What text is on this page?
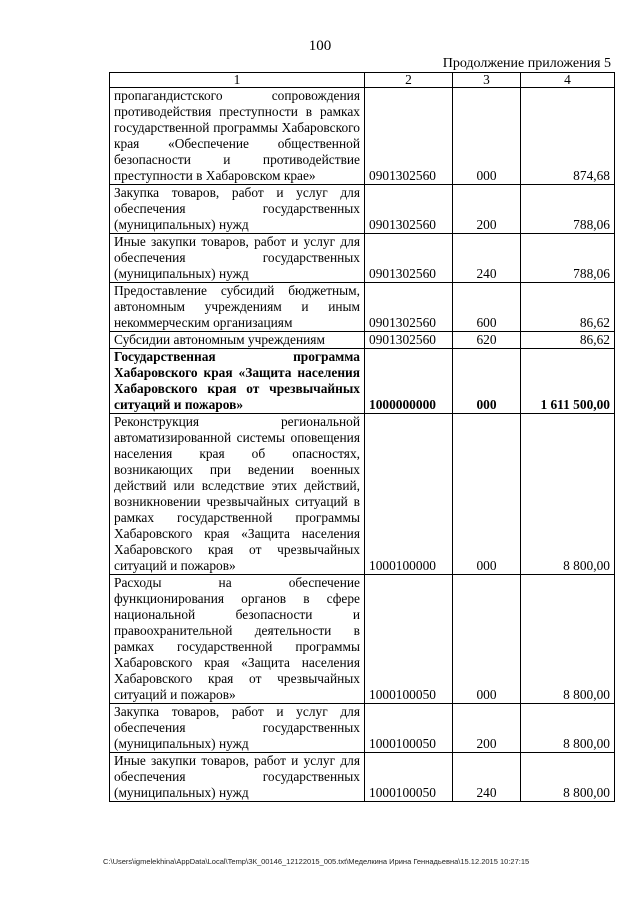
100
Продолжение приложения 5
1	2	3	4
пропагандистского сопровождения противодействия преступности в рамках государственной программы Хабаровского края «Обеспечение общественной безопасности и противодействие преступности в Хабаровском крае»	0901302560	000	874,68
Закупка товаров, работ и услуг для обеспечения государственных (муниципальных) нужд	0901302560	200	788,06
Иные закупки товаров, работ и услуг для обеспечения государственных (муниципальных) нужд	0901302560	240	788,06
Предоставление субсидий бюджетным, автономным учреждениям и иным некоммерческим организациям	0901302560	600	86,62
Субсидии автономным учреждениям	0901302560	620	86,62
Государственная программа Хабаровского края «Защита населения Хабаровского края от чрезвычайных ситуаций и пожаров»	1000000000	000	1 611 500,00
Реконструкция региональной автоматизированной системы оповещения населения края об опасностях, возникающих при ведении военных действий или вследствие этих действий, возникновении чрезвычайных ситуаций в рамках государственной программы Хабаровского края «Защита населения Хабаровского края от чрезвычайных ситуаций и пожаров»	1000100000	000	8 800,00
Расходы на обеспечение функционирования органов в сфере национальной безопасности и правоохранительной деятельности в рамках государственной программы Хабаровского края «Защита населения Хабаровского края от чрезвычайных ситуаций и пожаров»	1000100050	000	8 800,00
Закупка товаров, работ и услуг для обеспечения государственных (муниципальных) нужд	1000100050	200	8 800,00
Иные закупки товаров, работ и услуг для обеспечения государственных (муниципальных) нужд	1000100050	240	8 800,00
C:\Users\igmelekhina\AppData\Local\Temp\ЗК_00146_12122015_005.txt\Меделкина Ирина Геннадьевна\15.12.2015 10:27:15
